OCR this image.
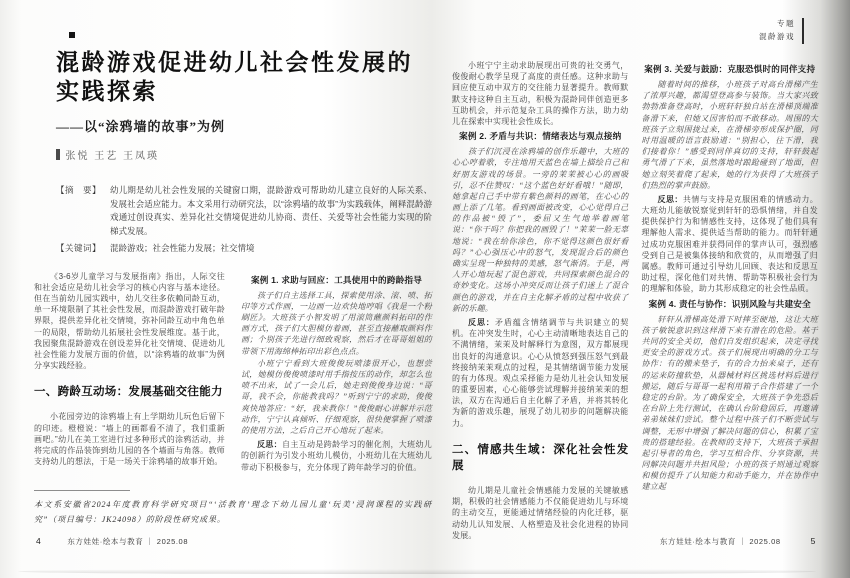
混龄游戏促进幼儿社会性发展的
实践探索
——以“涂鸦墙的故事”为例
张悦 王艺 王凤瑛
【摘　要】	幼儿期是幼儿社会性发展的关键窗口期，混龄游戏可帮助幼儿建立良好的人际关系、发展社会适应能力。本文采用行动研究法，以“涂鸦墙的故事”为实践载体，阐释混龄游戏通过创设真实、差异化社交情境促进幼儿协商、责任、关爱等社会性能力实现的阶梯式发展。
【关键词】	混龄游戏；社会性能力发展；社交情境

《3-6岁儿童学习与发展指南》指出，人际交往和社会适应是幼儿社会学习的核心内容与基本途径。但在当前幼儿园实践中，幼儿交往多依赖同龄互动，单一环境限制了其社会性发展，而混龄游戏打破年龄界限，提供差异化社交情境，弥补同龄互动中角色单一的局限，帮助幼儿拓展社会性发展维度。基于此，我园聚焦混龄游戏在创设差异化社交情境、促进幼儿社会性能力发展方面的价值，以“涂鸦墙的故事”为例分享实践经验。

一、跨龄互动场：发展基础交往能力

小花园旁边的涂鸦墙上有上学期幼儿玩色后留下的印迹。橙橙说：“墙上的画都看不清了，我们重新画吧。”幼儿在美工室进行过多种形式的涂鸦活动，并将完成的作品装饰到幼儿园的各个墙面与角落。教师支持幼儿的想法，于是一场关于涂鸦墙的故事开始。

案例 1. 求助与回应：工具使用中的跨龄指导

孩子们自主选择工具，探索使用涂、滚、喷、拓印等方式作画，一边画一边欢快地哼唱《我是一个粉刷匠》。大班孩子小智发明了用滚筒蘸颜料拓印的作画方式，孩子们大胆模仿着画，甚至直接蘸取颜料作画；个别孩子先进行细致观察，然后才在哥哥姐姐的带领下用海绵棒拓印出彩色点点。

小班宁宁看到大班俊俊玩喷漆很开心，也想尝试，她模仿俊俊喷漆时用手指按压的动作，却怎么也喷不出来，试了一会儿后，她走到俊俊身边说：“哥哥，我不会，你能教我吗？”听到宁宁的求助，俊俊爽快地答应：“好，我来教你！”俊俊耐心讲解并示范动作，宁宁认真倾听、仔细观察，很快便掌握了喷漆的使用方法，之后自己开心地玩了起来。

反思：自主互动是跨龄学习的催化剂，大班幼儿的创新行为引发小班幼儿模仿，小班幼儿在大班幼儿带动下积极参与，充分体现了跨年龄学习的价值。

本文系安徽省2024年度教育科学研究项目“‘活教育’理念下幼儿园儿童‘玩美’浸润课程的实践研究”（项目编号：JK24098）的阶段性研究成果。
4	东方娃娃·绘本与教育 ｜ 2025.08
专题
混龄游戏

小班宁宁主动求助展现出可贵的社交勇气，俊俊耐心教学呈现了高度的责任感。这种求助与回应使互动中双方的交往能力显著提升。教师默默支持这种自主互动，积极为混龄同伴创造更多互助机会，并示范复杂工具的操作方法，助力幼儿在探索中实现社会性成长。

案例 2. 矛盾与共识：情绪表达与观点接纳

孩子们沉浸在涂鸦墙的创作乐趣中，大班的心心哼着歌，专注地用天蓝色在墙上描绘自己和好朋友游戏的场景。一旁的茉茉被心心的画吸引，忍不住赞叹：“这个蓝色好好看哦！”随即，她拿起自己手中带有紫色颜料的画笔，在心心的画上添了几笔。看到画面被改变，心心觉得自己的作品被“毁了”，委屈又生气地举着画笔说：“你干吗？你把我的画毁了！”茉茉一脸无辜地说：“我在给你涂色，你不觉得这颜色很好看吗？”心心强压心中的怒气，发现混合后的颜色确实呈现一种独特的美感，怒气渐消。于是，两人开心地玩起了混色游戏，共同探索颜色混合的奇妙变化。这场小冲突反而让孩子们迷上了混合颜色的游戏，并在自主化解矛盾的过程中收获了新的乐趣。

反思：矛盾蕴含情绪调节与共识建立的契机。在冲突发生时，心心主动清晰地表达自己的不满情绪，茉茉及时解释行为意图，双方都展现出良好的沟通意识。心心从愤怒到强压怒气到最终接纳茉茉观点的过程，是其情绪调节能力发展的有力体现。观点采择能力是幼儿社会认知发展的重要因素，心心能够尝试理解并接纳茉茉的想法，双方在沟通后自主化解了矛盾，并将其转化为新的游戏乐趣，展现了幼儿初步的问题解决能力。

二、情感共生域：深化社会性发展

幼儿期是儿童社会情感能力发展的关键敏感期，积极的社会情感能力不仅能促进幼儿与环境的主动交互，更能通过情绪经验的内化迁移，驱动幼儿认知发展、人格塑造及社会化进程的协同发展。

案例 3. 关爱与鼓励：克服恐惧时的同伴支持

随着时间的推移，小班孩子对高台滑梯产生了浓厚兴趣，都渴望登高参与装饰。当大家兴致勃勃准备登高时，小班轩轩独自站在滑梯顶端准备滑下来，但她又因害怕而不敢移动。周围的大班孩子立刻围拢过来，在滑梯旁形成保护圈，同时用温暖的语言鼓励道：“别担心，往下滑，我们接着你！”感受到同伴真切的支持，轩轩鼓起勇气滑了下来，虽然落地时踉跄碰到了地面，但她立刻笑着爬了起来，她的行为获得了大班孩子们热烈的掌声鼓励。

反思：共情与支持是克服困难的情感动力。大班幼儿能敏锐察觉到轩轩的恐惧情绪，并自发提供保护行为和情感性支持，这体现了他们具有理解他人需求、提供适当帮助的能力。而轩轩通过成功克服困难并获得同伴的掌声认可，强烈感受到自己是被集体接纳和欣赏的，从而增强了归属感。教师可通过引导幼儿回顾、表达和反思互助过程，深化他们对共情、帮助等积极社会行为的理解和体验，助力其形成稳定的社会性品质。

案例 4. 责任与协作：识别风险与共建安全

轩轩从滑梯高处滑下时摔至硬地，这让大班孩子敏锐意识到这样滑下来有潜在的危险。基于共同的安全关切，他们自发组织起来，决定寻找更安全的游戏方式。孩子们展现出明确的分工与协作：有的搬来垫子，有的合力抬来桌子，还有的运来防撞软垫，从器械材料区挑选材料后进行搬运，随后与哥哥一起利用箱子合作搭建了一个稳定的台阶。为了确保安全，大班孩子争先恐后在台阶上先行测试，在确认台阶稳固后，再邀请弟弟妹妹们尝试。整个过程中孩子们不断尝试与调整，无形中增强了解决问题的信心，积累了宝贵的搭建经验。在教师的支持下，大班孩子承担起引导者的角色，学习互相合作、分享资源，共同解决问题并共担风险；小班的孩子则通过观察和模仿提升了认知能力和动手能力，并在协作中建立起

东方娃娃·绘本与教育 ｜ 2025.08	5
